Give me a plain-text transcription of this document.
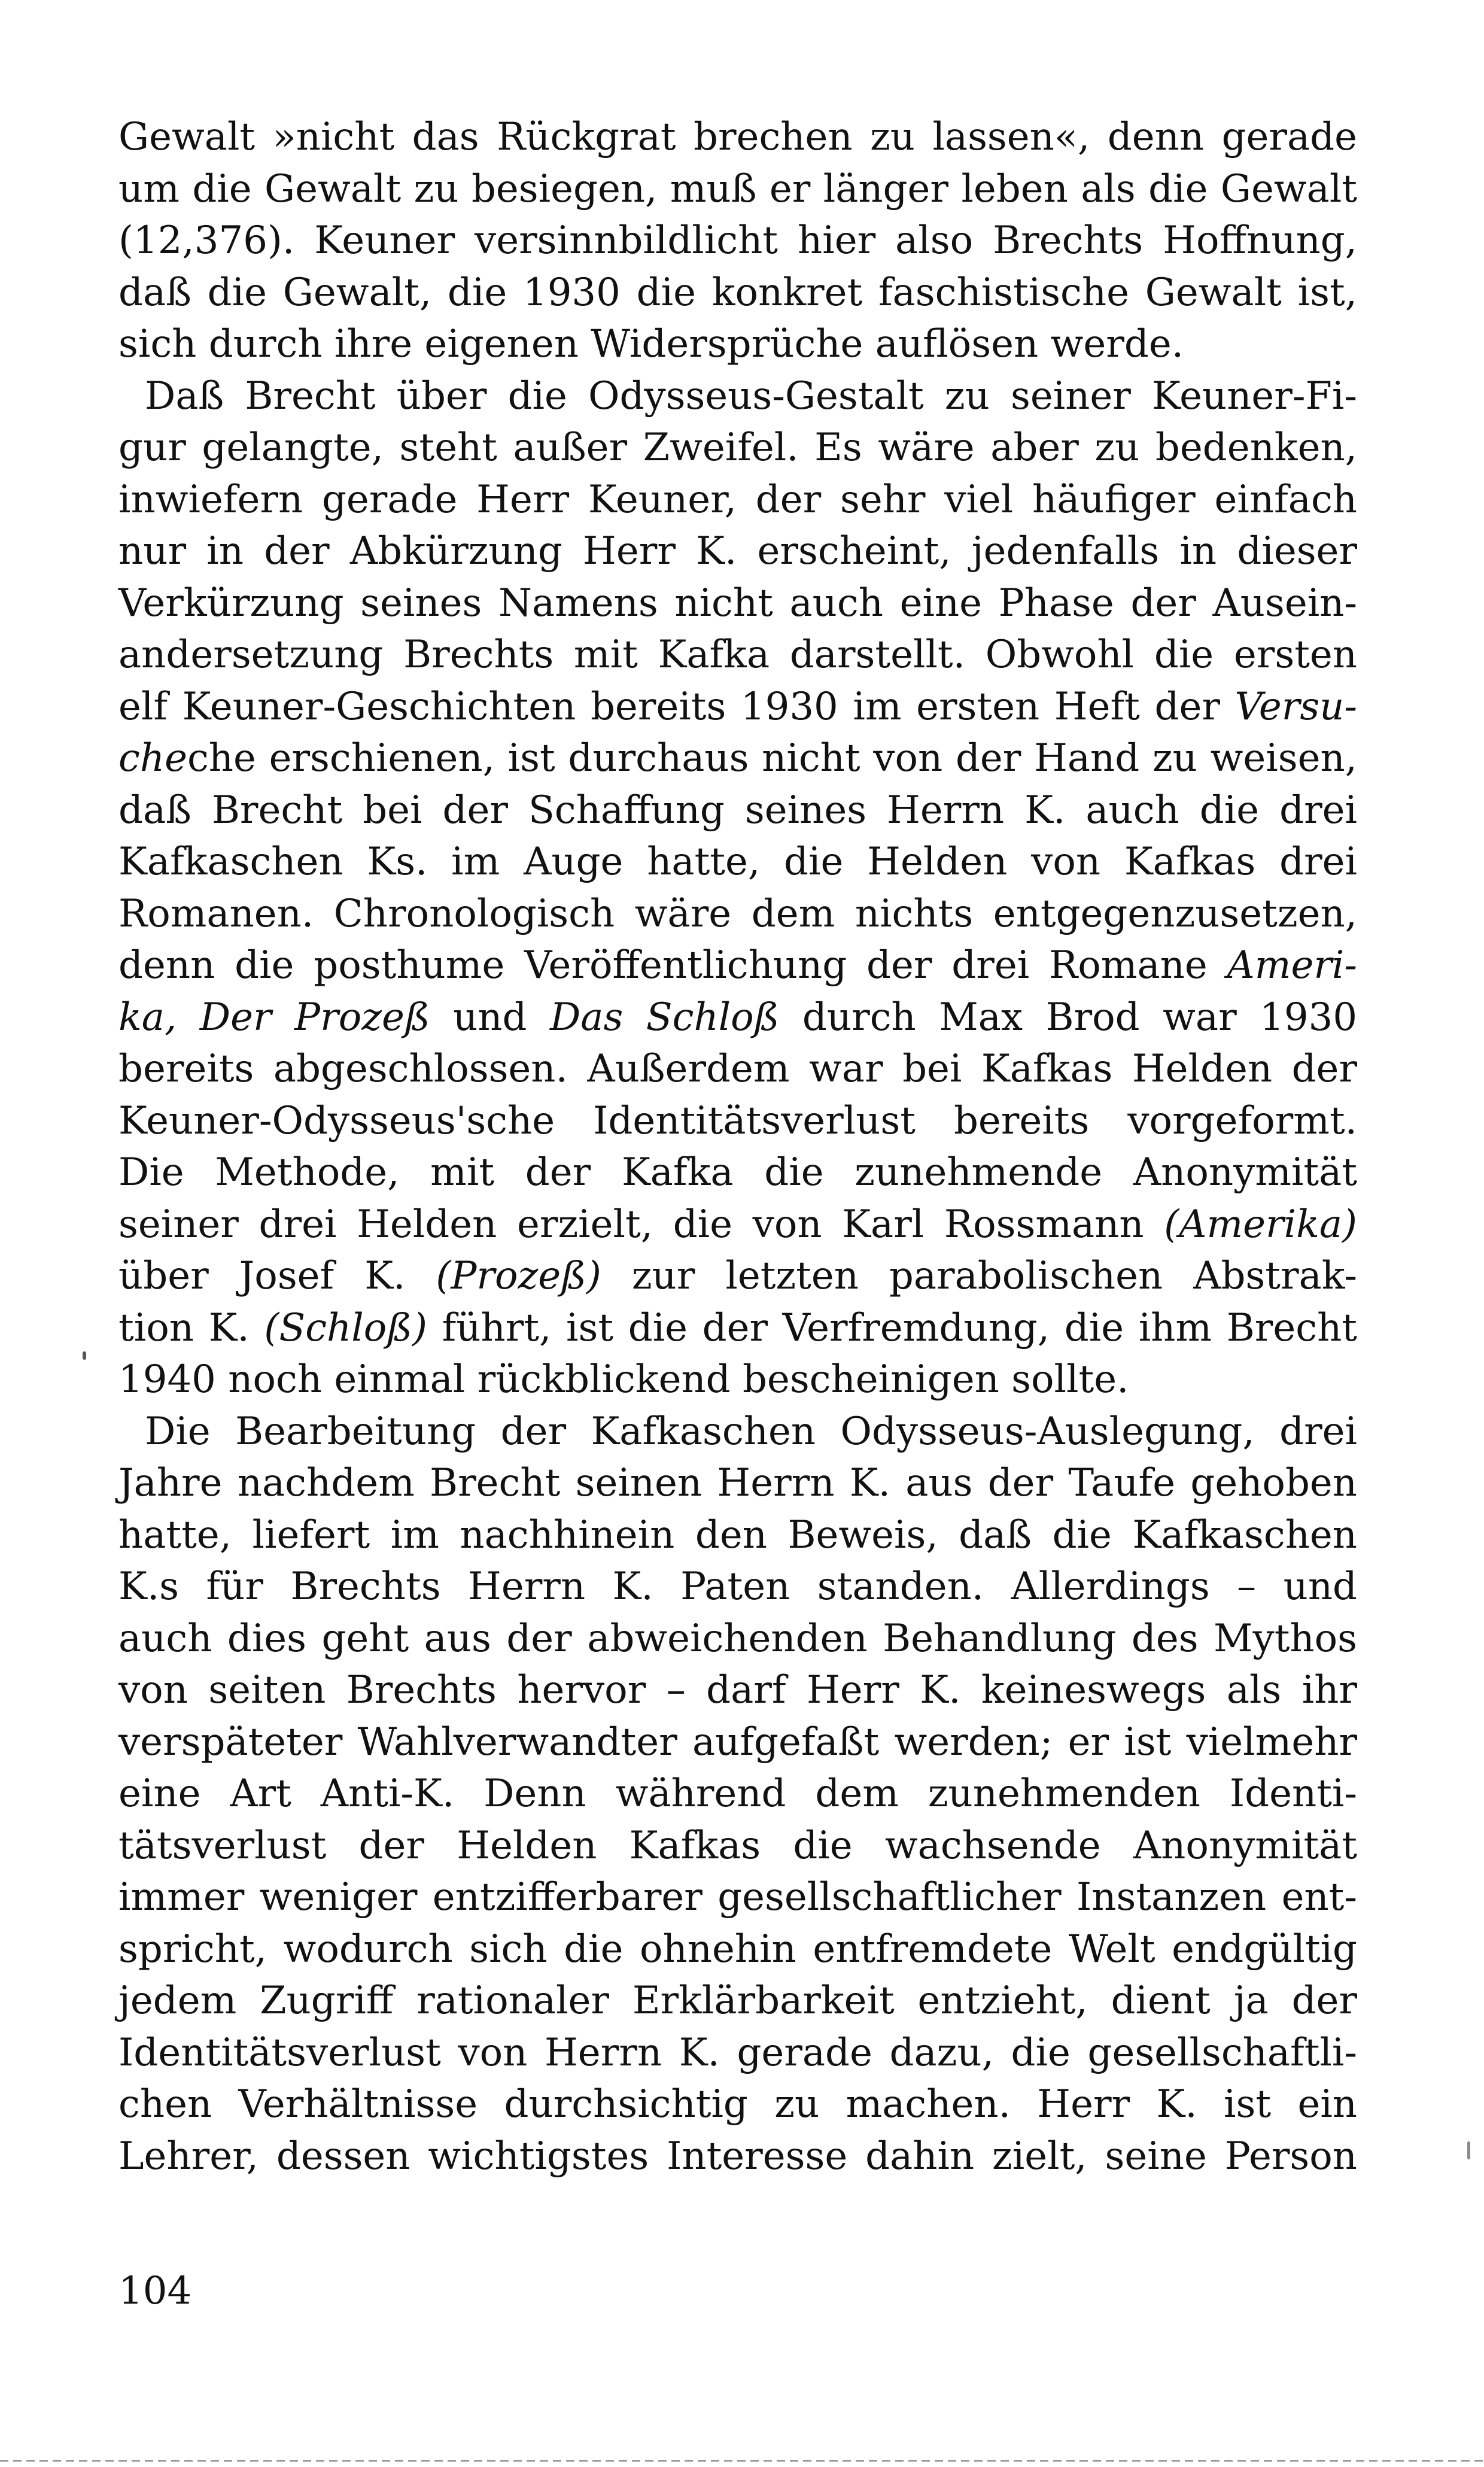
Gewalt »nicht das Rückgrat brechen zu lassen«, denn gerade
um die Gewalt zu besiegen, muß er länger leben als die Gewalt
(12,376). Keuner versinnbildlicht hier also Brechts Hoffnung,
daß die Gewalt, die 1930 die konkret faschistische Gewalt ist,
sich durch ihre eigenen Widersprüche auflösen werde.
Daß Brecht über die Odysseus-Gestalt zu seiner Keuner-Fi-
gur gelangte, steht außer Zweifel. Es wäre aber zu bedenken,
inwiefern gerade Herr Keuner, der sehr viel häufiger einfach
nur in der Abkürzung Herr K. erscheint, jedenfalls in dieser
Verkürzung seines Namens nicht auch eine Phase der Ausein-
andersetzung Brechts mit Kafka darstellt. Obwohl die ersten
elf Keuner-Geschichten bereits 1930 im ersten Heft der Versu-
cheche erschienen, ist durchaus nicht von der Hand zu weisen,
daß Brecht bei der Schaffung seines Herrn K. auch die drei
Kafkaschen Ks. im Auge hatte, die Helden von Kafkas drei
Romanen. Chronologisch wäre dem nichts entgegenzusetzen,
denn die posthume Veröffentlichung der drei Romane Ameri-
ka, Der Prozeß und Das Schloß durch Max Brod war 1930
bereits abgeschlossen. Außerdem war bei Kafkas Helden der
Keuner-Odysseus'sche Identitätsverlust bereits vorgeformt.
Die Methode, mit der Kafka die zunehmende Anonymität
seiner drei Helden erzielt, die von Karl Rossmann (Amerika)
über Josef K. (Prozeß) zur letzten parabolischen Abstrak-
tion K. (Schloß) führt, ist die der Verfremdung, die ihm Brecht
1940 noch einmal rückblickend bescheinigen sollte.
Die Bearbeitung der Kafkaschen Odysseus-Auslegung, drei
Jahre nachdem Brecht seinen Herrn K. aus der Taufe gehoben
hatte, liefert im nachhinein den Beweis, daß die Kafkaschen
K.s für Brechts Herrn K. Paten standen. Allerdings – und
auch dies geht aus der abweichenden Behandlung des Mythos
von seiten Brechts hervor – darf Herr K. keineswegs als ihr
verspäteter Wahlverwandter aufgefaßt werden; er ist vielmehr
eine Art Anti-K. Denn während dem zunehmenden Identi-
tätsverlust der Helden Kafkas die wachsende Anonymität
immer weniger entzifferbarer gesellschaftlicher Instanzen ent-
spricht, wodurch sich die ohnehin entfremdete Welt endgültig
jedem Zugriff rationaler Erklärbarkeit entzieht, dient ja der
Identitätsverlust von Herrn K. gerade dazu, die gesellschaftli-
chen Verhältnisse durchsichtig zu machen. Herr K. ist ein
Lehrer, dessen wichtigstes Interesse dahin zielt, seine Person
104
